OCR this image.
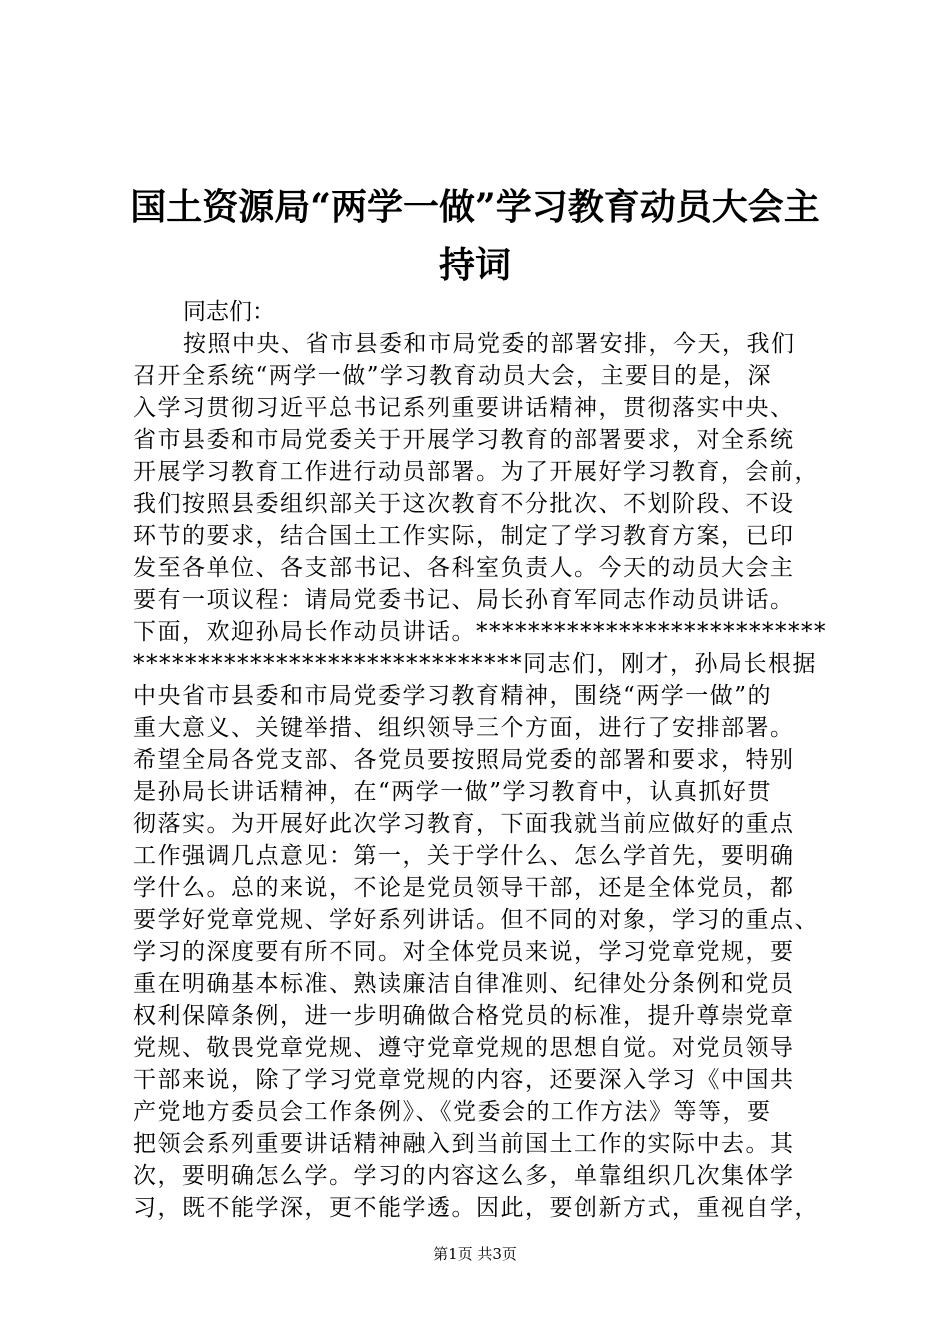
国土资源局“两学一做”学习教育动员大会主
持词

同志们：

按照中央、省市县委和市局党委的部署安排，今天，我们

召开全系统“两学一做”学习教育动员大会，主要目的是，深

入学习贯彻习近平总书记系列重要讲话精神，贯彻落实中央、

省市县委和市局党委关于开展学习教育的部署要求，对全系统

开展学习教育工作进行动员部署。为了开展好学习教育，会前，

我们按照县委组织部关于这次教育不分批次、不划阶段、不设

环节的要求，结合国土工作实际，制定了学习教育方案，已印

发至各单位、各支部书记、各科室负责人。今天的动员大会主

要有一项议程：请局党委书记、局长孙育军同志作动员讲话。

下面，欢迎孙局长作动员讲话。***************************

******************************同志们，刚才，孙局长根据

中央省市县委和市局党委学习教育精神，围绕“两学一做”的

重大意义、关键举措、组织领导三个方面，进行了安排部署。

希望全局各党支部、各党员要按照局党委的部署和要求，特别

是孙局长讲话精神，在“两学一做”学习教育中，认真抓好贯

彻落实。为开展好此次学习教育，下面我就当前应做好的重点

工作强调几点意见：第一，关于学什么、怎么学首先，要明确

学什么。总的来说，不论是党员领导干部，还是全体党员，都

要学好党章党规、学好系列讲话。但不同的对象，学习的重点、

学习的深度要有所不同。对全体党员来说，学习党章党规，要

重在明确基本标准、熟读廉洁自律准则、纪律处分条例和党员

权利保障条例，进一步明确做合格党员的标准，提升尊崇党章

党规、敬畏党章党规、遵守党章党规的思想自觉。对党员领导

干部来说，除了学习党章党规的内容，还要深入学习《中国共

产党地方委员会工作条例》、《党委会的工作方法》等等，要

把领会系列重要讲话精神融入到当前国土工作的实际中去。其

次，要明确怎么学。学习的内容这么多，单靠组织几次集体学

习，既不能学深，更不能学透。因此，要创新方式，重视自学，

第1页 共3页
